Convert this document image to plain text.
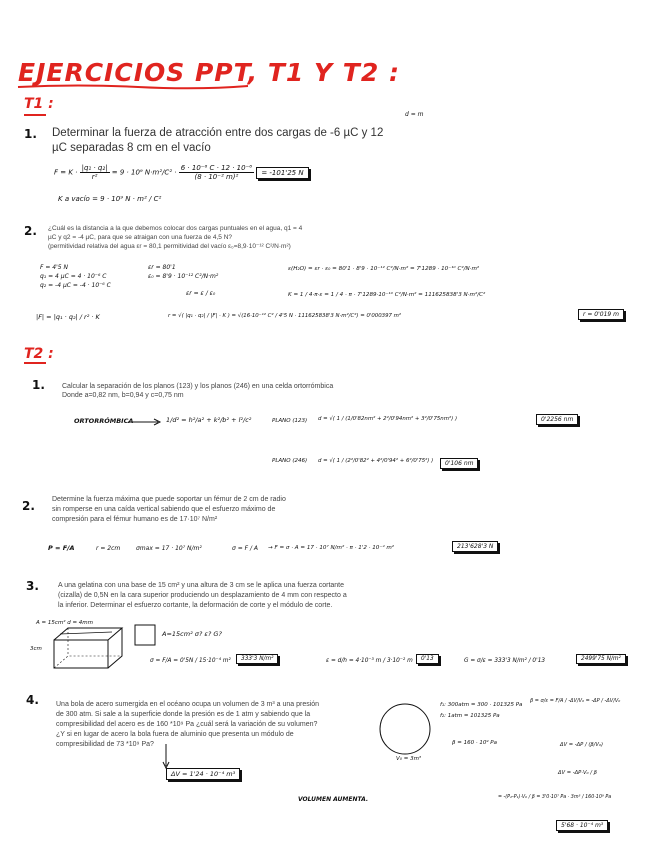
EJERCICIOS PPT, T1 Y T2 :
T1 :
d = m
1. Determinar la fuerza de atracción entre dos cargas de -6 µC y 12
µC separadas 8 cm en el vacío
$F = K \cdot \frac{\text{|q₁ · q₂|}}{\text{r²}} = 9 \cdot 10^9$ $N\cdot m^2/C^2 \cdot \frac{\text{6 · 10⁻⁶ C · 12 · 10⁻⁶}}{\text{(8 · 10⁻² m)²}} = -101'25$ N
K a vacío = 9 · 10⁹ N · m² / C²
2. ¿Cuál es la distancia a la que debemos colocar dos cargas puntuales en el agua, q1 = 4
µC y q2 = -4 µC, para que se atraigan con una fuerza de 4,5 N?
(permitividad relativa del agua εr = 80,1 permitividad del vacío ε₀=8,9·10⁻¹² C²/N·m²)
F = 4'5 N
q₁ = 4 µC = 4 · 10⁻⁶ C
q₂ = -4 µC = -4 · 10⁻⁶ C
εr = 80'1
ε₀ = 8'9 · 10⁻¹² C²/N·m²
εr = ε / ε₀
ε(H₂O) = εr · ε₀ = 80'1 · 8'9 · 10⁻¹² C²/N·m² = 7'1289 · 10⁻¹⁰ C²/N·m²
K = 1 / 4·π·ε = 1 / 4 · π · 7'1289·10⁻¹⁰ C²/N·m² = 111625838'3 N·m²/C²
|F| = |q₁ · q₂| / r² · K	r = √( |q₁ · q₂| / |F| · K ) = √(16·10⁻¹² C² / 4'5 N · 111625838'3 N·m²/C²) = 0'000397 m²	r = 0'019 m
T2 :
1. Calcular la separación de los planos (123) y los planos (246) en una celda ortorrómbica
Donde a=0,82 nm, b=0,94 y c=0,75 nm
ORTORRÓMBICA	1/d² = h²/a² + k²/b² + l²/c²	PLANO (123) d = √( 1 / (1/0'82nm² + 2²/0'94nm² + 3²/0'75nm²) )	0'2256 nm
PLANO (246) d = √( 1 / (2²/0'82² + 4²/0'94² + 6²/0'75²) )	0'106 nm
2. Determine la fuerza máxima que puede soportar un fémur de 2 cm de radio
sin romperse en una caída vertical sabiendo que el esfuerzo máximo de
compresión para el fémur humano es de 17·10⁷ N/m²
P = F/A	r = 2cm	σmax = 17 · 10⁷ N/m²	σ = F / A → F = σ · A = 17 · 10⁷ N/m² · π · 1'2 · 10⁻⁴ m²	213'628'3 N
3.	A una gelatina con una base de 15 cm² y una altura de 3 cm se le aplica una fuerza cortante
(cizalla) de 0,5N en la cara superior produciendo un desplazamiento de 4 mm con respecto a
la inferior. Determinar el esfuerzo cortante, la deformación de corte y el módulo de corte.
A = 15cm² d = 4mm
3cm
A=15cm² σ? ε? G?
σ = F/A = 0'5N / 15·10⁻⁴ m²	333'3 N/m²	ε = d/h = 4·10⁻³ m / 3·10⁻² m	0'13	G = σ/ε = 333'3 N/m² / 0'13	2499'75 N/m²
4. Una bola de acero sumergida en el océano ocupa un volumen de 3 m³ a una presión
de 300 atm. Si sale a la superficie donde la presión es de 1 atm y sabiendo que la
compresibilidad del acero es de 160 *10⁹ Pa ¿cuál será la variación de su volumen?
¿Y si en lugar de acero la bola fuera de aluminio que presenta un módulo de
compresibilidad de 73 *10⁹ Pa?
ΔV = 1'24 · 10⁻⁴ m³
VOLUMEN AUMENTA.
V₀ = 3m³
f₁: 300atm = 300 · 101325 Pa
f₂: 1atm = 101325 Pa
β = 160 · 10⁹ Pa
β = σ/ε = F/A / -ΔV/V₀ = -ΔP / -ΔV/V₀
ΔV = -ΔP / (β/V₀)
ΔV = -ΔP·V₀ / β
= -(P₂-P₁)·V₀ / β = 3'0·10⁷ Pa · 3m³ / 160·10⁹ Pa
5'68 · 10⁻⁴ m³
